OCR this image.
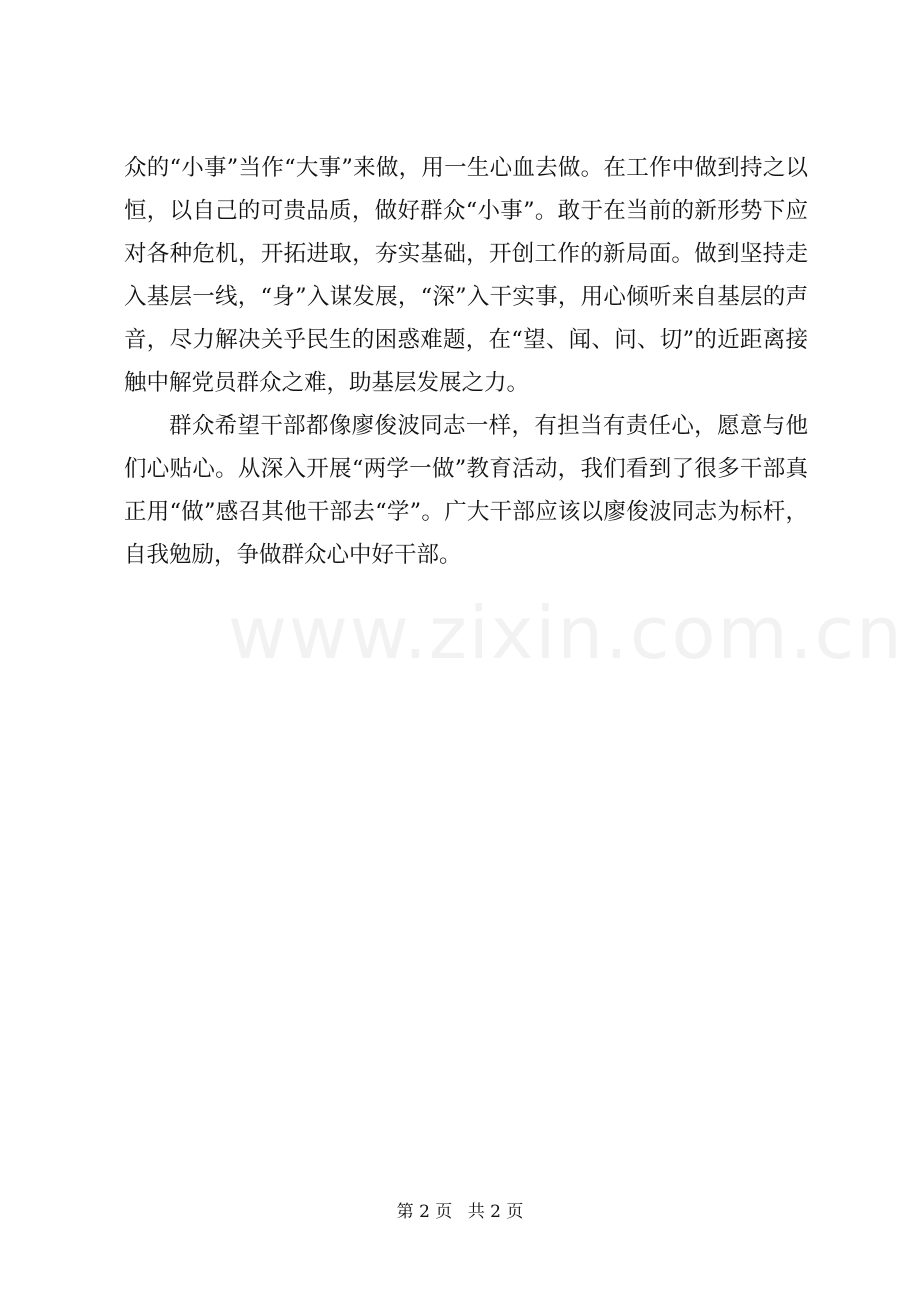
众的“小事”当作“大事”来做，用一生心血去做。在工作中做到持之以恒，以自己的可贵品质，做好群众“小事”。敢于在当前的新形势下应对各种危机，开拓进取，夯实基础，开创工作的新局面。做到坚持走入基层一线，“身”入谋发展，“深”入干实事，用心倾听来自基层的声音，尽力解决关乎民生的困惑难题，在“望、闻、问、切”的近距离接触中解党员群众之难，助基层发展之力。

群众希望干部都像廖俊波同志一样，有担当有责任心，愿意与他们心贴心。从深入开展“两学一做”教育活动，我们看到了很多干部真正用“做”感召其他干部去“学”。广大干部应该以廖俊波同志为标杆，自我勉励，争做群众心中好干部。

www.zixin.com.cn
第 2 页 共 2 页
